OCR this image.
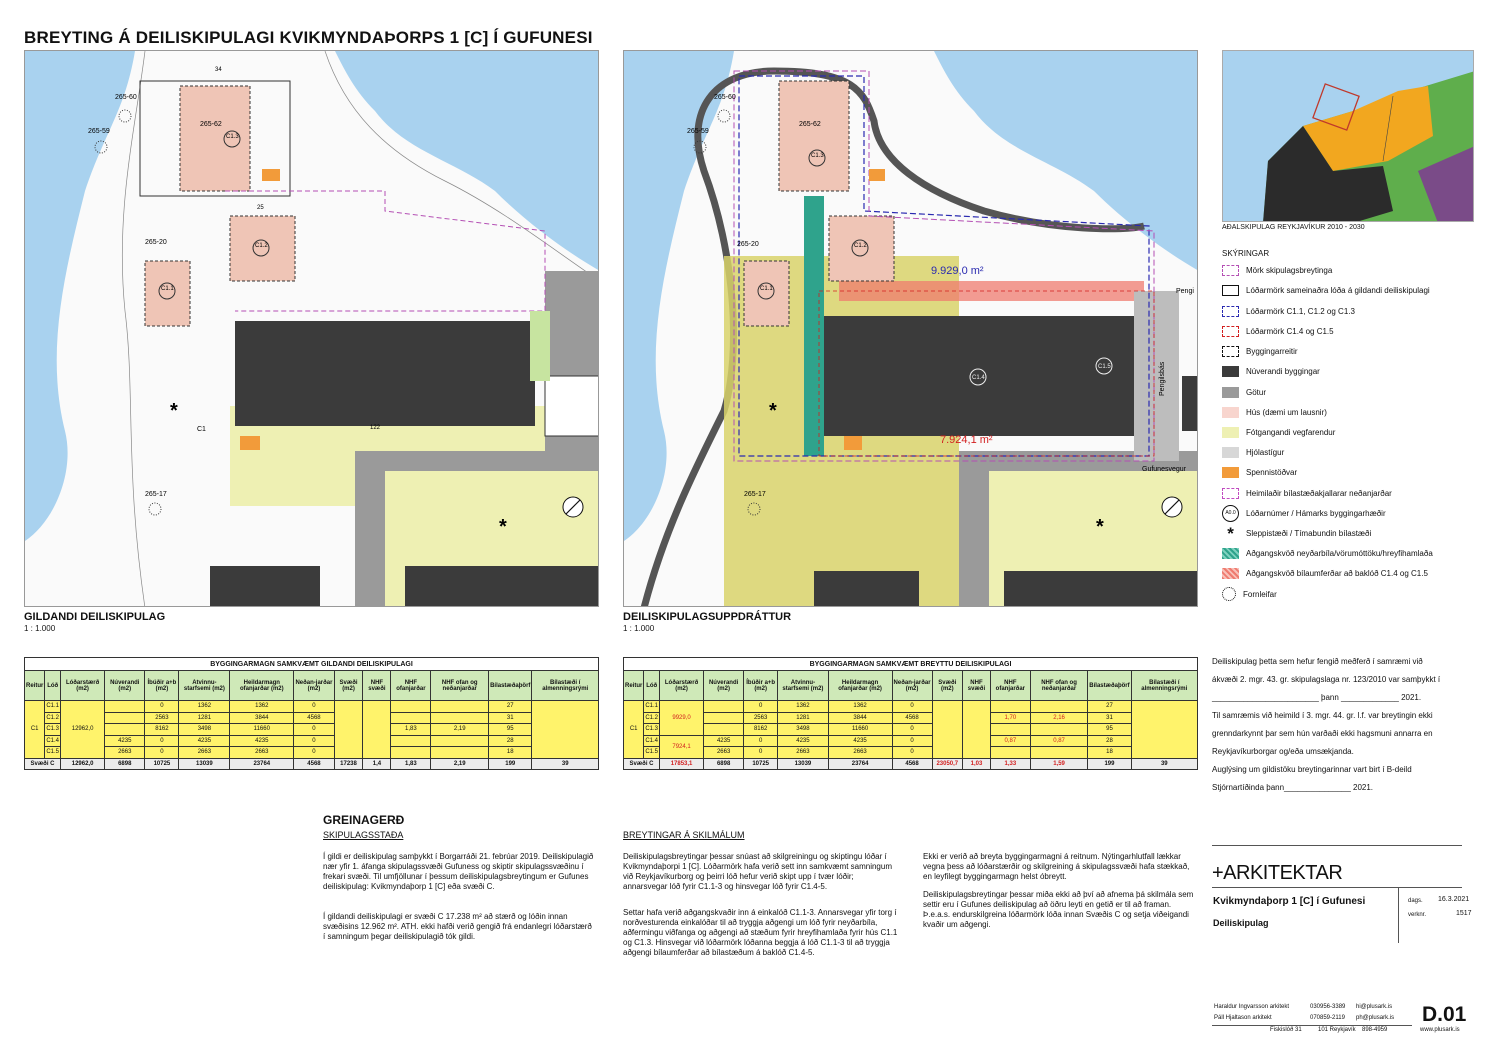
BREYTING Á DEILISKIPULAGI KVIKMYNDAÞORPS 1 [C] Í GUFUNESI
265-60
265-59
265-62
265-20
265-17
C1.3
C1.2
C1.1
C1
34
25
122
*
*
GILDANDI DEILISKIPULAG
1 : 1.000
265-60
265-59
265-62
265-20
265-17
C1.3
C1.2
C1.1
C1.4
C1.5
9.929,0 m²
7.924,1 m²
Pengi
Pengilsbás
Gufunesvegur
*
*
DEILISKIPULAGSUPPDRÁTTUR
1 : 1.000
AÐALSKIPULAG REYKJAVÍKUR 2010 - 2030
SKÝRINGAR
Mörk skipulagsbreytinga
Lóðarmörk sameinaðra lóða á gildandi deiliskipulagi
Lóðarmörk C1.1, C1.2 og C1.3
Lóðarmörk C1.4 og C1.5
Byggingarreitir
Núverandi byggingar
Götur
Hús (dæmi um lausnir)
Fótgangandi vegfarendur
Hjólastígur
Spennistöðvar
Heimilaðir bílastæðakjallarar neðanjarðar
A0.0	Lóðarnúmer / Hámarks byggingarhæðir
*	Sleppistæði / Tímabundin bílastæði
Aðgangskvöð neyðarbíla/vörumóttöku/hreyfihamlaða
Aðgangskvöð bílaumferðar að baklóð C1.4 og C1.5
Fornleifar
BYGGINGARMAGN SAMKVÆMT GILDANDI DEILISKIPULAGI													
Reitur	Lóð	Lóðarstærð (m2)	Núverandi (m2)	Íbúðir a+b (m2)	Atvinnu-starfsemi (m2)	Heildarmagn ofanjarðar (m2)	Neðan-jarðar (m2)	Svæði (m2)	NHF svæði	NHF ofanjarðar	NHF ofan og neðanjarðar	Bílastæðaþörf	Bílastæði í almenningsrými
C1	C1.1	12962,0		0	1362	1362	0					27	
	C1.2			2563	1281	3844	4568					31	
	C1.3			8162	3498	11660	0			1,83	2,19	95	
	C1.4		4235	0	4235	4235	0					28	
	C1.5		2663	0	2663	2663	0					18	
Svæði C		12962,0	6898	10725	13039	23764	4568	17238	1,4	1,83	2,19	199	39
BYGGINGARMAGN SAMKVÆMT BREYTTU DEILISKIPULAGI													
Reitur	Lóð	Lóðarstærð (m2)	Núverandi (m2)	Íbúðir a+b (m2)	Atvinnu-starfsemi (m2)	Heildarmagn ofanjarðar (m2)	Neðan-jarðar (m2)	Svæði (m2)	NHF svæði	NHF ofanjarðar	NHF ofan og neðanjarðar	Bílastæðaþörf	Bílastæði í almenningsrými
C1	C1.1	9929,0		0	1362	1362	0					27	
	C1.2			2563	1281	3844	4568			1,70	2,16	31	
	C1.3			8162	3498	11660	0					95	
	C1.4	7924,1	4235	0	4235	4235	0			0,87	0,87	28	
	C1.5		2663	0	2663	2663	0					18	
Svæði C		17853,1	6898	10725	13039	23764	4568	23050,7	1,03	1,33	1,59	199	39
Deiliskipulag þetta sem hefur fengið meðferð í samræmi við
ákvæði 2. mgr. 43. gr. skipulagslaga nr. 123/2010 var samþykkt í
________________________ þann _____________ 2021.
Til samræmis við heimild í 3. mgr. 44. gr. l.f. var breytingin ekki
grenndarkynnt þar sem hún varðaði ekki hagsmuni annarra en
Reykjavíkurborgar og/eða umsækjanda.
Auglýsing um gildistöku breytingarinnar vart birt í B-deild
Stjórnartíðinda þann_______________ 2021.
GREINAGERÐ
SKIPULAGSSTAÐA
Í gildi er deiliskipulag samþykkt í Borgarráði 21. febrúar 2019. Deiliskipulagið nær yfir 1. áfanga skipulagssvæði Gufuness og skiptir skipulagssvæðinu í frekari svæði. Til umfjöllunar í þessum deiliskipulagsbreytingum er Gufunes deiliskipulag: Kvikmyndaþorp 1 [C] eða svæði C.
Í gildandi deiliskipulagi er svæði C 17.238 m² að stærð og lóðin innan svæðisins 12.962 m². ATH. ekki hafði verið gengið frá endanlegri lóðarstærð í samningum þegar deiliskipulagið tók gildi.
BREYTINGAR Á SKILMÁLUM
Deiliskipulagsbreytingar þessar snúast að skilgreiningu og skiptingu lóðar í Kvikmyndaþorpi 1 [C]. Lóðarmörk hafa verið sett inn samkvæmt samningum við Reykjavíkurborg og þeirri lóð hefur verið skipt upp í tvær lóðir; annarsvegar lóð fyrir C1.1-3 og hinsvegar lóð fyrir C1.4-5.
Settar hafa verið aðgangskvaðir inn á einkalóð C1.1-3. Annarsvegar yfir torg í norðvesturenda einkalóðar til að tryggja aðgengi um lóð fyrir neyðarbíla, aðfermingu viðfanga og aðgengi að stæðum fyrir hreyfihamlaða fyrir hús C1.1 og C1.3. Hinsvegar við lóðarmörk lóðanna beggja á lóð C1.1-3 til að tryggja aðgengi bílaumferðar að bílastæðum á baklóð C1.4-5.
Ekki er verið að breyta byggingarmagni á reitnum. Nýtingarhlutfall lækkar vegna þess að lóðarstærðir og skilgreining á skipulagssvæði hafa stækkað, en leyfilegt byggingarmagn helst óbreytt.
Deiliskipulagsbreytingar þessar miða ekki að því að afnema þá skilmála sem settir eru í Gufunes deiliskipulag að öðru leyti en getið er til að framan. Þ.e.a.s. endurskilgreina lóðarmörk lóða innan Svæðis C og setja viðeigandi kvaðir um aðgengi.
+ARKITEKTAR
Kvikmyndaþorp 1 [C] í Gufunesi
Deiliskipulag
dags. 16.3.2021
verknr.	1517
Haraldur Ingvarsson arkitekt	030956-3389 hi@plusark.is
Páll Hjaltason arkitekt	070859-2119 ph@plusark.is
Fiskislóð 31	101 Reykjavík 898-4959	www.plusark.is
D.01
